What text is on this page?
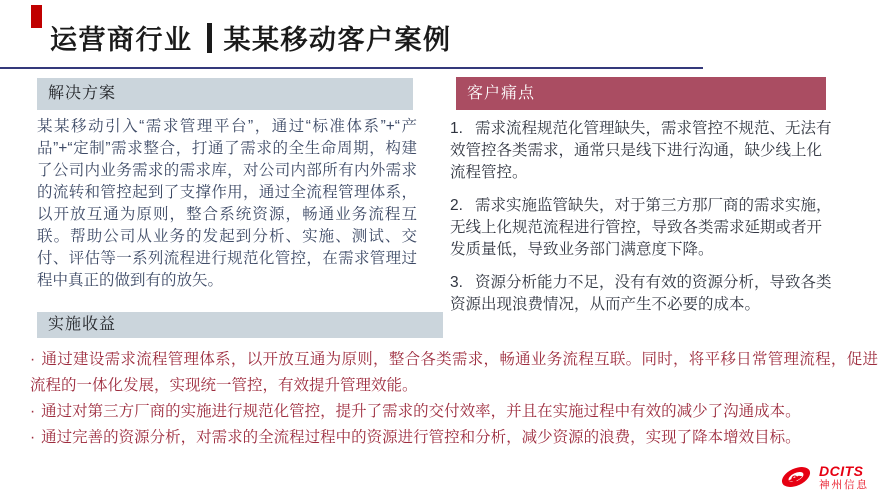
运营商行业 某某移动客户案例
解决方案
某某移动引入“需求管理平台”，通过“标准体系”+“产品”+“定制”需求整合，打通了需求的全生命周期，构建了公司内业务需求的需求库，对公司内部所有内外需求的流转和管控起到了支撑作用，通过全流程管理体系，以开放互通为原则，整合系统资源，畅通业务流程互联。帮助公司从业务的发起到分析、实施、测试、交付、评估等一系列流程进行规范化管控，在需求管理过程中真正的做到有的放矢。
客户痛点

1. 需求流程规范化管理缺失，需求管控不规范、无法有效管控各类需求，通常只是线下进行沟通，缺少线上化流程管控。

2. 需求实施监管缺失，对于第三方那厂商的需求实施，无线上化规范流程进行管控，导致各类需求延期或者开发质量低，导致业务部门满意度下降。

3. 资源分析能力不足，没有有效的资源分析，导致各类资源出现浪费情况，从而产生不必要的成本。

实施收益

· 通过建设需求流程管理体系，以开放互通为原则，整合各类需求，畅通业务流程互联。同时，将平移日常管理流程，促进流程的一体化发展，实现统一管控，有效提升管理效能。

· 通过对第三方厂商的实施进行规范化管控，提升了需求的交付效率，并且在实施过程中有效的减少了沟通成本。

· 通过完善的资源分析，对需求的全流程过程中的资源进行管控和分析，减少资源的浪费，实现了降本增效目标。

e DCITS
神州信息
